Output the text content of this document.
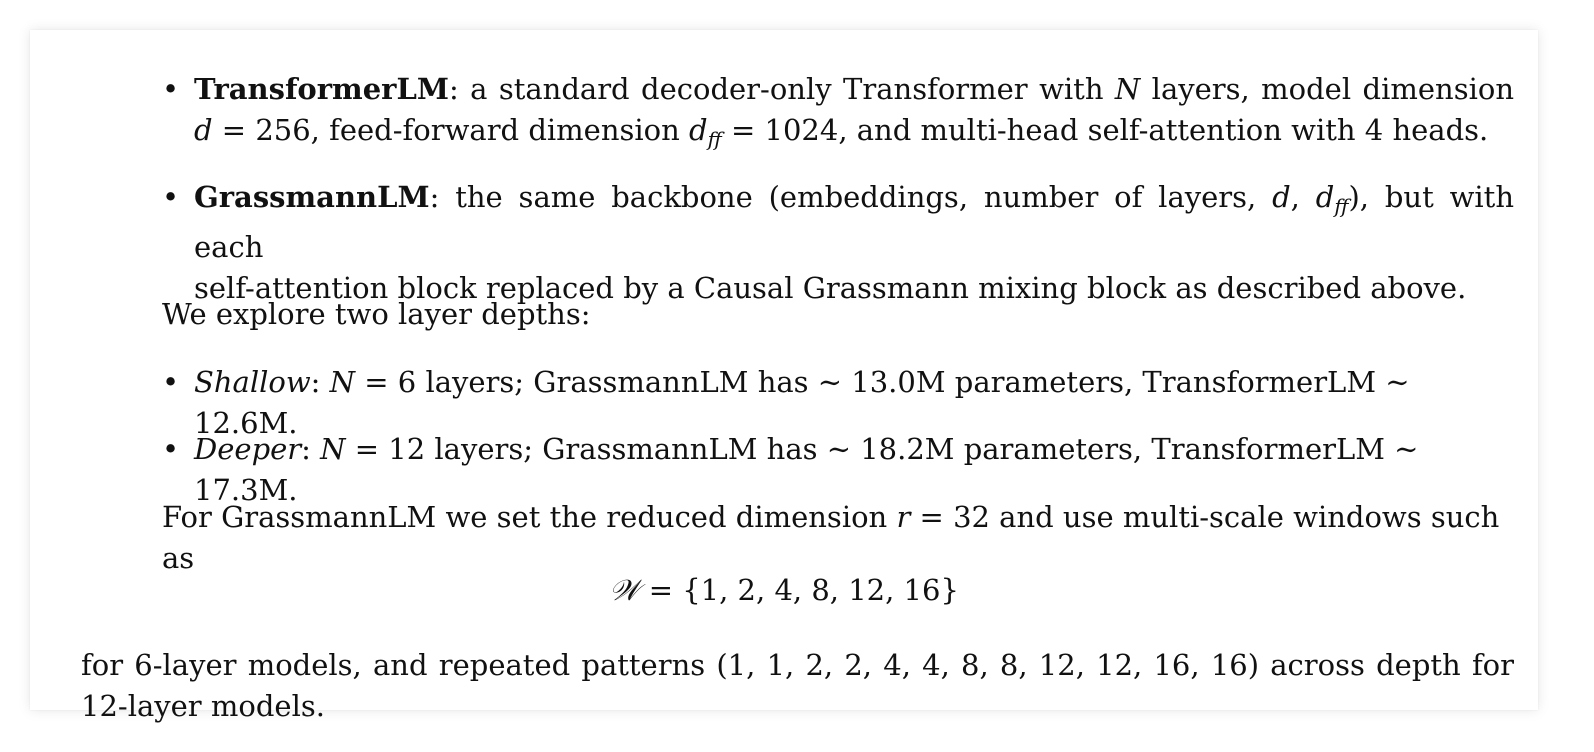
• TransformerLM: a standard decoder-only Transformer with N layers, model dimension
d = 256, feed-forward dimension $d_{ff} = 1024$, and multi-head self-attention with 4 heads.
• GrassmannLM: the same backbone (embeddings, number of layers, d, $d_{ff}$), but with each
self-attention block replaced by a Causal Grassmann mixing block as described above.
We explore two layer depths:
• Shallow: N = 6 layers; GrassmannLM has ∼ 13.0M parameters, TransformerLM ∼ 12.6M.
• Deeper: N = 12 layers; GrassmannLM has ∼ 18.2M parameters, TransformerLM ∼ 17.3M.
For GrassmannLM we set the reduced dimension r = 32 and use multi-scale windows such as
𝒲 = {1, 2, 4, 8, 12, 16}
for 6-layer models, and repeated patterns (1, 1, 2, 2, 4, 4, 8, 8, 12, 12, 16, 16) across depth for 12-layer models.
